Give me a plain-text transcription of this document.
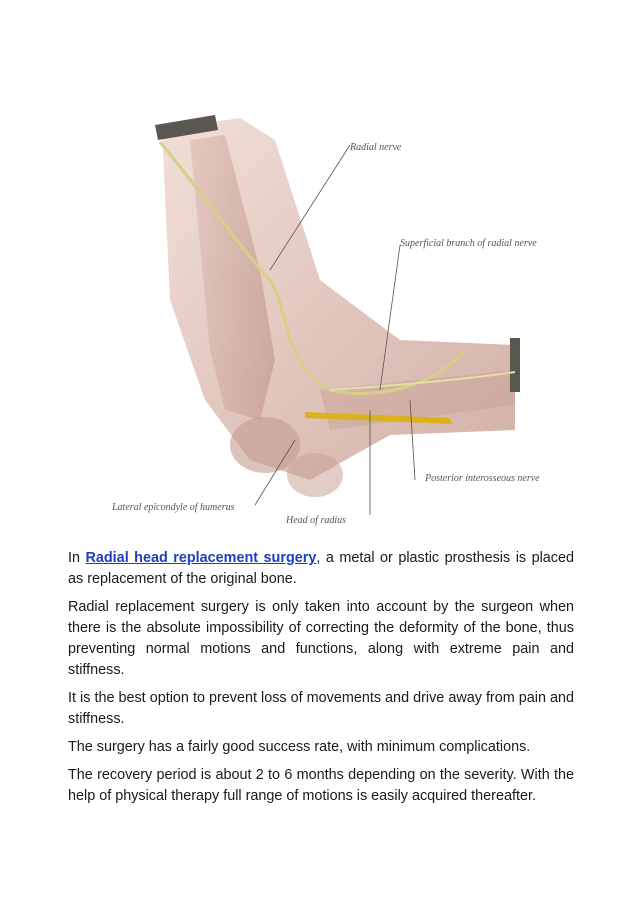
Radial nerve
Superficial branch of radial nerve
Lateral epicondyle of humerus
Head of radius
Posterior interosseous nerve

In Radial head replacement surgery, a metal or plastic prosthesis is placed as replacement of the original bone.

Radial replacement surgery is only taken into account by the surgeon when there is the absolute impossibility of correcting the deformity of the bone, thus preventing normal motions and functions, along with extreme pain and stiffness.

It is the best option to prevent loss of movements and drive away from pain and stiffness.

The surgery has a fairly good success rate, with minimum complications.

The recovery period is about 2 to 6 months depending on the severity. With the help of physical therapy full range of motions is easily acquired thereafter.
